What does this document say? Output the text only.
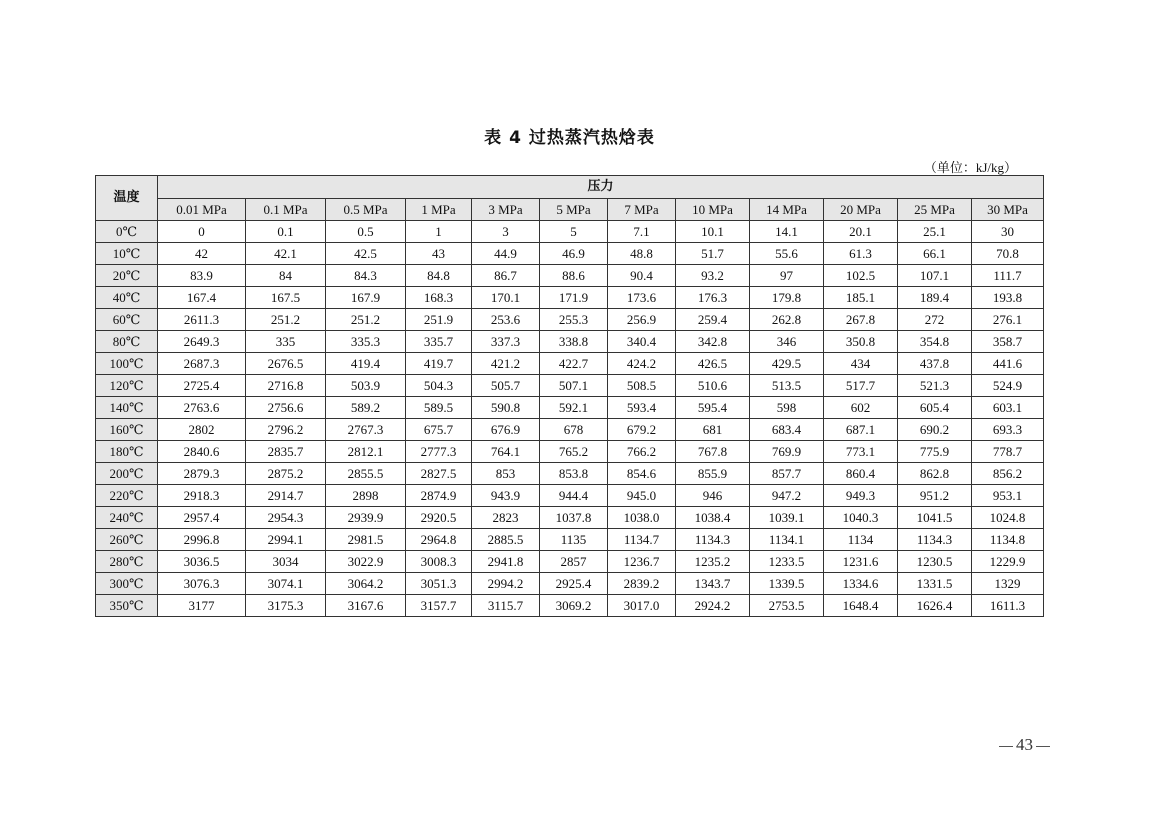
表 4 过热蒸汽热焓表
（单位：kJ/kg）
温度	压力											
	0.01 MPa	0.1 MPa	0.5 MPa	1 MPa	3 MPa	5 MPa	7 MPa	10 MPa	14 MPa	20 MPa	25 MPa	30 MPa
0℃	0	0.1	0.5	1	3	5	7.1	10.1	14.1	20.1	25.1	30
10℃	42	42.1	42.5	43	44.9	46.9	48.8	51.7	55.6	61.3	66.1	70.8
20℃	83.9	84	84.3	84.8	86.7	88.6	90.4	93.2	97	102.5	107.1	111.7
40℃	167.4	167.5	167.9	168.3	170.1	171.9	173.6	176.3	179.8	185.1	189.4	193.8
60℃	2611.3	251.2	251.2	251.9	253.6	255.3	256.9	259.4	262.8	267.8	272	276.1
80℃	2649.3	335	335.3	335.7	337.3	338.8	340.4	342.8	346	350.8	354.8	358.7
100℃	2687.3	2676.5	419.4	419.7	421.2	422.7	424.2	426.5	429.5	434	437.8	441.6
120℃	2725.4	2716.8	503.9	504.3	505.7	507.1	508.5	510.6	513.5	517.7	521.3	524.9
140℃	2763.6	2756.6	589.2	589.5	590.8	592.1	593.4	595.4	598	602	605.4	603.1
160℃	2802	2796.2	2767.3	675.7	676.9	678	679.2	681	683.4	687.1	690.2	693.3
180℃	2840.6	2835.7	2812.1	2777.3	764.1	765.2	766.2	767.8	769.9	773.1	775.9	778.7
200℃	2879.3	2875.2	2855.5	2827.5	853	853.8	854.6	855.9	857.7	860.4	862.8	856.2
220℃	2918.3	2914.7	2898	2874.9	943.9	944.4	945.0	946	947.2	949.3	951.2	953.1
240℃	2957.4	2954.3	2939.9	2920.5	2823	1037.8	1038.0	1038.4	1039.1	1040.3	1041.5	1024.8
260℃	2996.8	2994.1	2981.5	2964.8	2885.5	1135	1134.7	1134.3	1134.1	1134	1134.3	1134.8
280℃	3036.5	3034	3022.9	3008.3	2941.8	2857	1236.7	1235.2	1233.5	1231.6	1230.5	1229.9
300℃	3076.3	3074.1	3064.2	3051.3	2994.2	2925.4	2839.2	1343.7	1339.5	1334.6	1331.5	1329
350℃	3177	3175.3	3167.6	3157.7	3115.7	3069.2	3017.0	2924.2	2753.5	1648.4	1626.4	1611.3
43
